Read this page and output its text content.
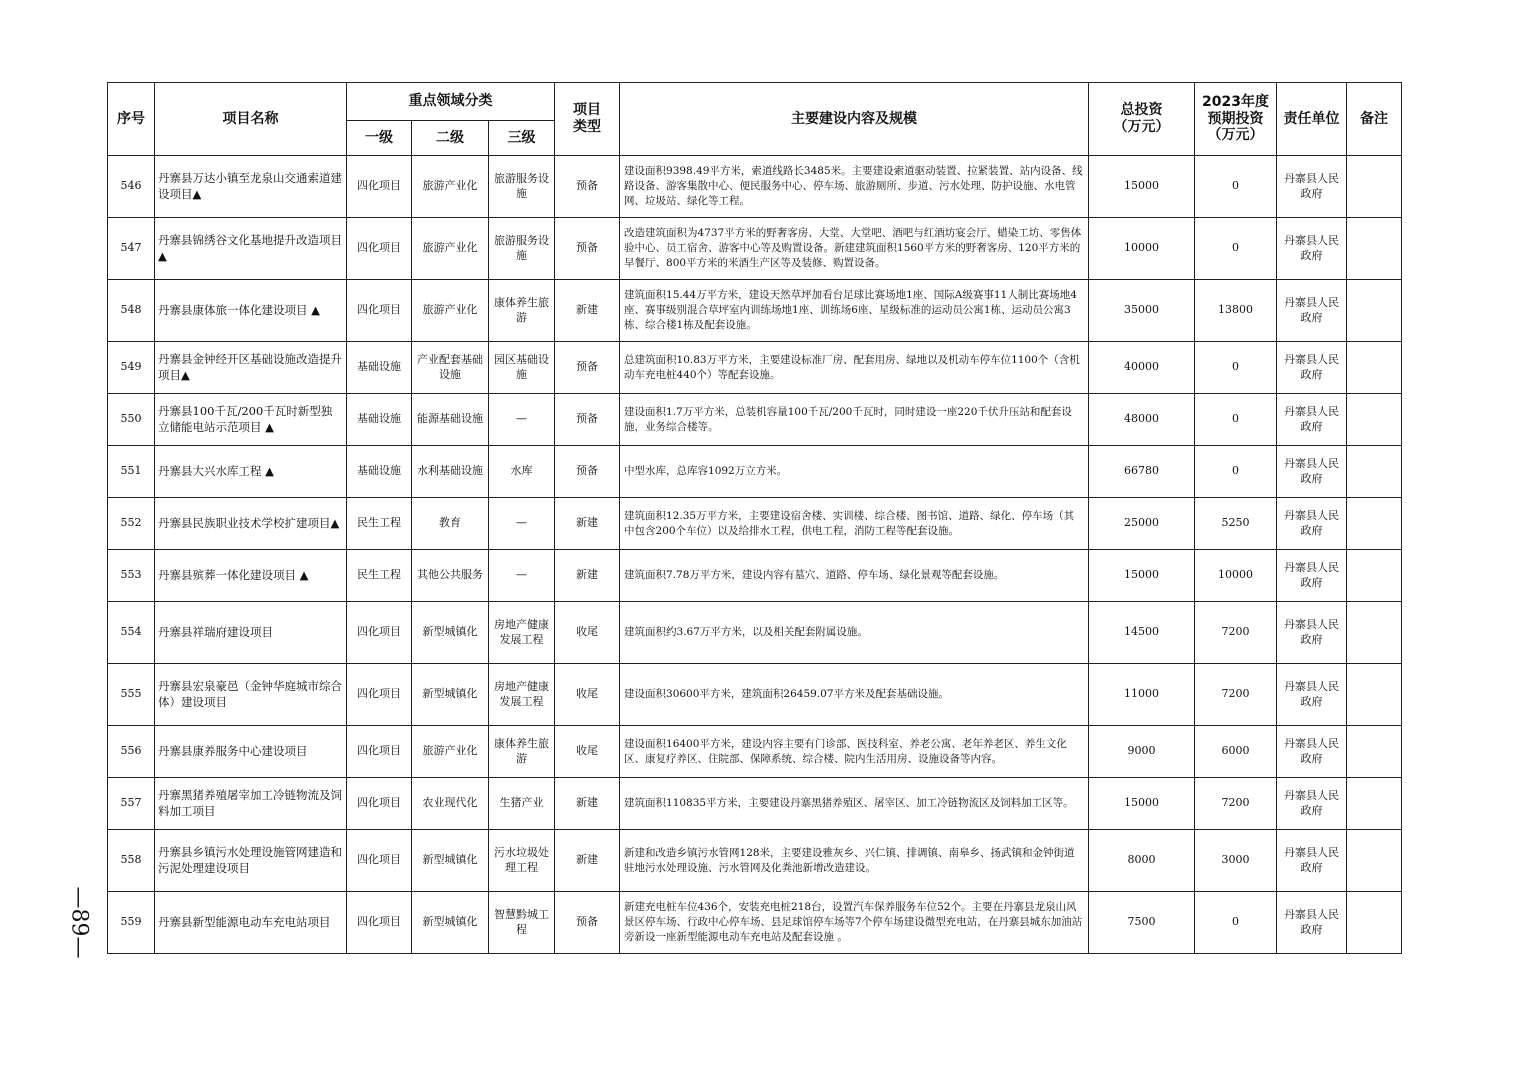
—89—
序号	项目名称	重点领域分类			项目类型	主要建设内容及规模	总投资（万元）	2023年度预期投资（万元）	责任单位	备注
		一级	二级	三级						
546	丹寨县万达小镇至龙泉山交通索道建设项目▲	四化项目	旅游产业化	旅游服务设施	预备	建设面积9398.49平方米，索道线路长3485米。主要建设索道驱动装置、拉紧装置、站内设备、线路设备、游客集散中心、便民服务中心、停车场、旅游厕所、步道、污水处理、防护设施、水电管网、垃圾站、绿化等工程。	15000	0	丹寨县人民政府	
547	丹寨县锦绣谷文化基地提升改造项目▲	四化项目	旅游产业化	旅游服务设施	预备	改造建筑面积为4737平方米的野奢客房、大堂、大堂吧、酒吧与红酒坊宴会厅、蜡染工坊、零售体验中心、员工宿舍、游客中心等及购置设备。新建建筑面积1560平方米的野奢客房、120平方米的早餐厅、800平方米的米酒生产区等及装修、购置设备。	10000	0	丹寨县人民政府	
548	丹寨县康体旅一体化建设项目 ▲	四化项目	旅游产业化	康体养生旅游	新建	建筑面积15.44万平方米，建设天然草坪加看台足球比赛场地1座、国际A级赛事11人制比赛场地4座、赛事级别混合草坪室内训练场地1座、训练场6座、星级标准的运动员公寓1栋、运动员公寓3栋、综合楼1栋及配套设施。	35000	13800	丹寨县人民政府	
549	丹寨县金钟经开区基础设施改造提升项目▲	基础设施	产业配套基础设施	园区基础设施	预备	总建筑面积10.83万平方米，主要建设标准厂房、配套用房、绿地以及机动车停车位1100个（含机动车充电桩440个）等配套设施。	40000	0	丹寨县人民政府	
550	丹寨县100千瓦/200千瓦时新型独立储能电站示范项目 ▲	基础设施	能源基础设施	—	预备	建设面积1.7万平方米，总装机容量100千瓦/200千瓦时，同时建设一座220千伏升压站和配套设施，业务综合楼等。	48000	0	丹寨县人民政府	
551	丹寨县大兴水库工程 ▲	基础设施	水利基础设施	水库	预备	中型水库，总库容1092万立方米。	66780	0	丹寨县人民政府	
552	丹寨县民族职业技术学校扩建项目▲	民生工程	教育	—	新建	建筑面积12.35万平方米，主要建设宿舍楼、实训楼、综合楼、图书馆、道路、绿化、停车场（其中包含200个车位）以及给排水工程，供电工程，消防工程等配套设施。	25000	5250	丹寨县人民政府	
553	丹寨县殡葬一体化建设项目 ▲	民生工程	其他公共服务	—	新建	建筑面积7.78万平方米，建设内容有墓穴、道路、停车场、绿化景观等配套设施。	15000	10000	丹寨县人民政府	
554	丹寨县祥瑞府建设项目	四化项目	新型城镇化	房地产健康发展工程	收尾	建筑面积约3.67万平方米，以及相关配套附属设施。	14500	7200	丹寨县人民政府	
555	丹寨县宏泉豪邑（金钟华庭城市综合体）建设项目	四化项目	新型城镇化	房地产健康发展工程	收尾	建设面积30600平方米，建筑面积26459.07平方米及配套基础设施。	11000	7200	丹寨县人民政府	
556	丹寨县康养服务中心建设项目	四化项目	旅游产业化	康体养生旅游	收尾	建设面积16400平方米，建设内容主要有门诊部、医技科室、养老公寓、老年养老区、养生文化区、康复疗养区、住院部、保障系统、综合楼、院内生活用房、设施设备等内容。	9000	6000	丹寨县人民政府	
557	丹寨黑猪养殖屠宰加工冷链物流及饲料加工项目	四化项目	农业现代化	生猪产业	新建	建筑面积110835平方米，主要建设丹寨黑猪养殖区、屠宰区、加工冷链物流区及饲料加工区等。	15000	7200	丹寨县人民政府	
558	丹寨县乡镇污水处理设施管网建造和污泥处理建设项目	四化项目	新型城镇化	污水垃圾处理工程	新建	新建和改造乡镇污水管网128米，主要建设雅灰乡、兴仁镇、排调镇、南皋乡、扬武镇和金钟街道驻地污水处理设施、污水管网及化粪池新增改造建设。	8000	3000	丹寨县人民政府	
559	丹寨县新型能源电动车充电站项目	四化项目	新型城镇化	智慧黔城工程	预备	新建充电桩车位436个，安装充电桩218台，设置汽车保养服务车位52个。主要在丹寨县龙泉山风景区停车场、行政中心停车场、县足球馆停车场等7个停车场建设微型充电站，在丹寨县城东加油站旁新设一座新型能源电动车充电站及配套设施 。	7500	0	丹寨县人民政府	
